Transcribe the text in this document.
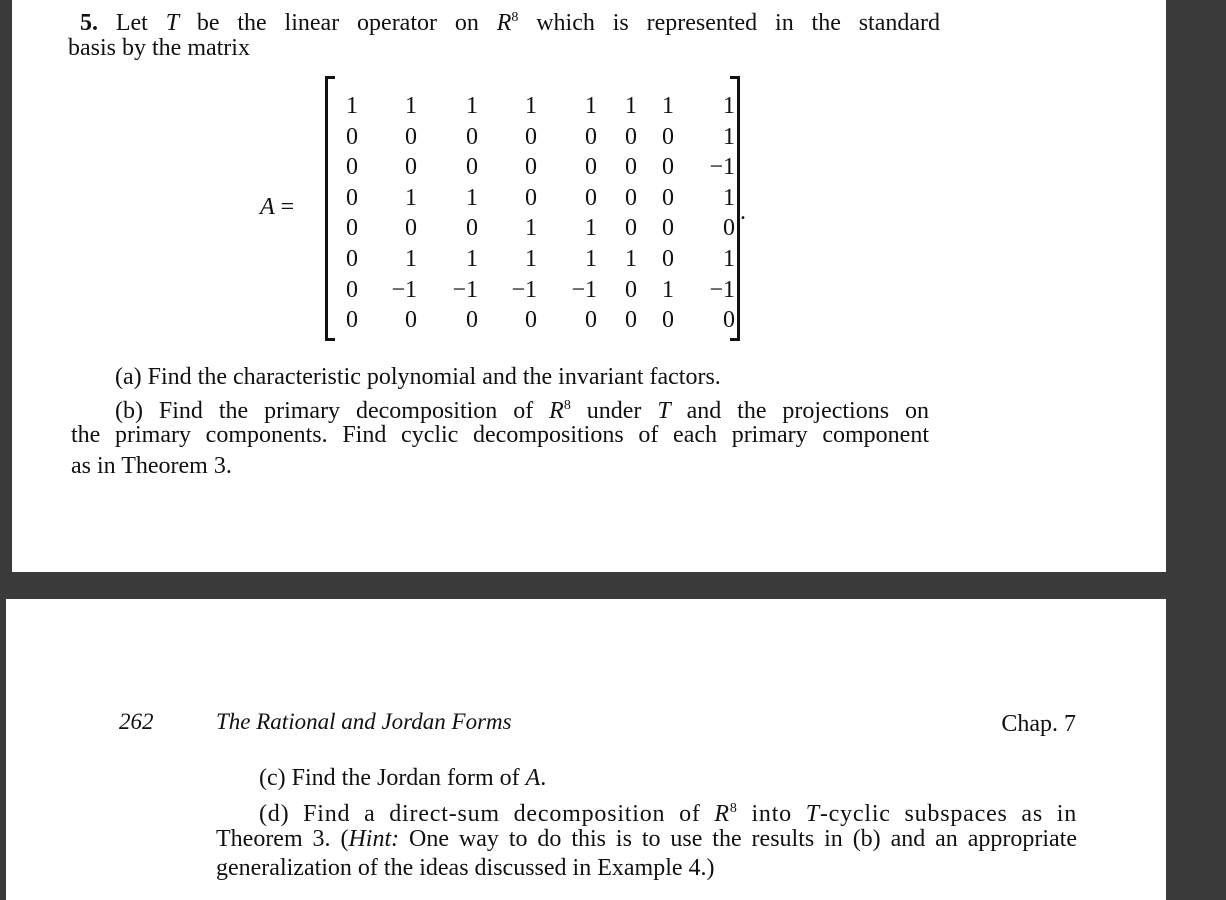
5. Let T be the linear operator on $R^8$ which is represented in the standard
basis by the matrix
A =
1	1	1	1	1	1	1	1
0	0	0	0	0	0	0	1
0	0	0	0	0	0	0	−1
0	1	1	0	0	0	0	1
0	0	0	1	1	0	0	0
0	1	1	1	1	1	0	1
0	−1	−1	−1	−1	0	1	−1
0	0	0	0	0	0	0	0
.
(a) Find the characteristic polynomial and the invariant factors.
(b) Find the primary decomposition of $R^8$ under T and the projections on
the primary components. Find cyclic decompositions of each primary component
as in Theorem 3.
262	The Rational and Jordan Forms	Chap. 7
(c) Find the Jordan form of A.
(d) Find a direct-sum decomposition of $R^8$ into T-cyclic subspaces as in
Theorem 3. (Hint: One way to do this is to use the results in (b) and an appropriate
generalization of the ideas discussed in Example 4.)
